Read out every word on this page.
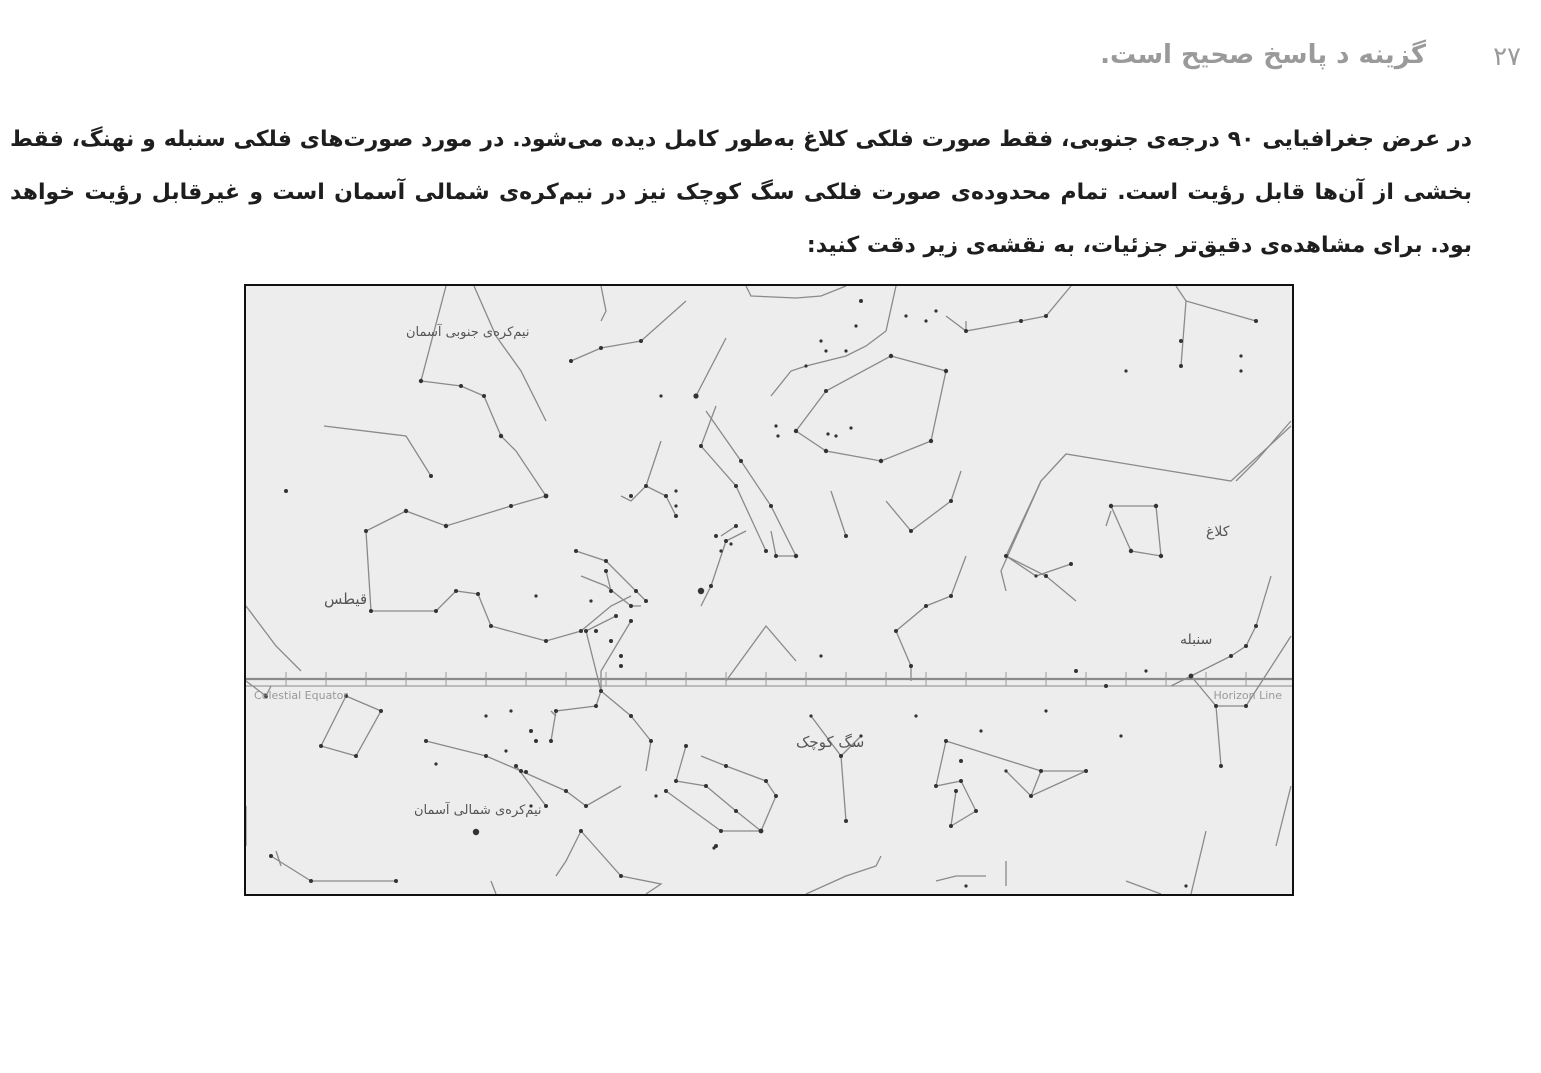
۲۷
گزینه د پاسخ صحیح است.
در عرض جغرافیایی ۹۰ درجه‌ی جنوبی، فقط صورت فلکی کلاغ به‌طور کامل دیده می‌شود. در مورد صورت‌های فلکی سنبله و نهنگ، فقط بخشی از آن‌ها قابل رؤیت است. تمام محدوده‌ی صورت فلکی سگ کوچک نیز در نیم‌کره‌ی شمالی آسمان است و غیرقابل رؤیت خواهد بود. برای مشاهده‌ی دقیق‌تر جزئیات، به نقشه‌ی زیر دقت کنید:
نیم‌کره‌ی جنوبی آسمان
نیم‌کره‌ی شمالی آسمان
قیطس
کلاغ
سنبله
سگ کوچک
Celestial Equator	Horizon Line
